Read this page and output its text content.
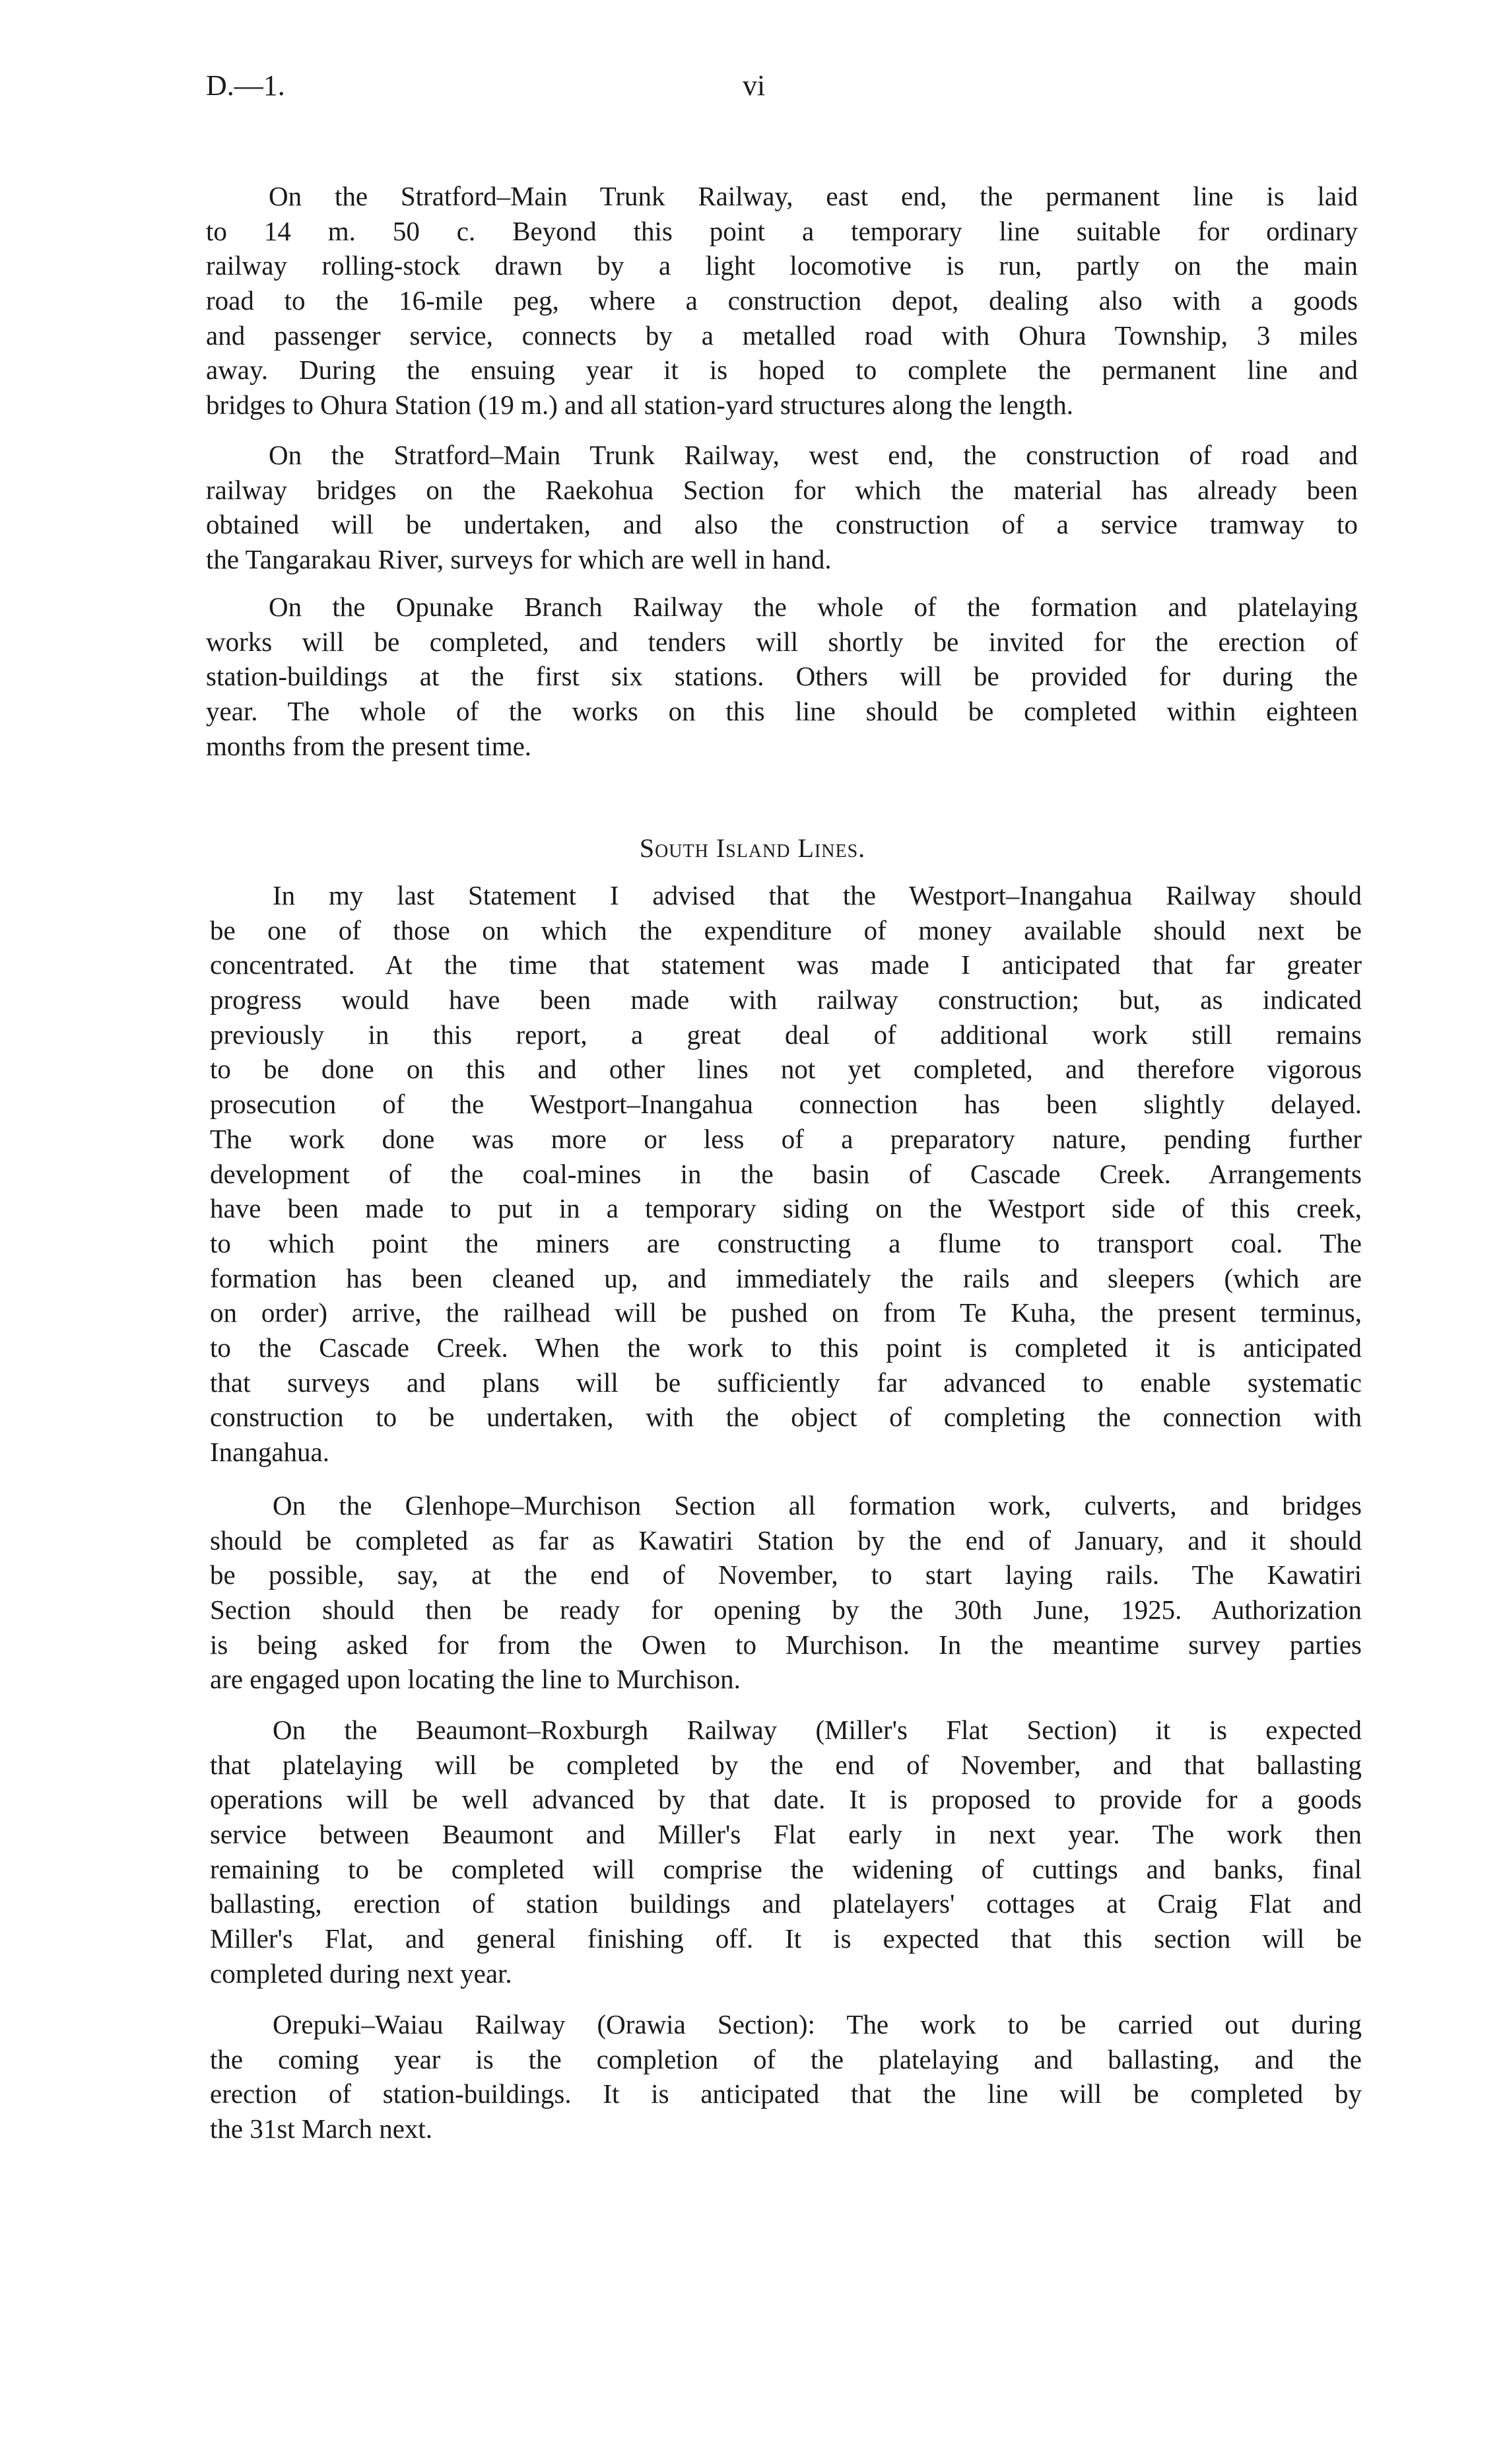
D.—1.	vi
On the Stratford–Main Trunk Railway, east end, the permanent line is laid
to 14 m. 50 c. Beyond this point a temporary line suitable for ordinary
railway rolling-stock drawn by a light locomotive is run, partly on the main
road to the 16-mile peg, where a construction depot, dealing also with a goods
and passenger service, connects by a metalled road with Ohura Township, 3 miles
away. During the ensuing year it is hoped to complete the permanent line and
bridges to Ohura Station (19 m.) and all station-yard structures along the length.
On the Stratford–Main Trunk Railway, west end, the construction of road and
railway bridges on the Raekohua Section for which the material has already been
obtained will be undertaken, and also the construction of a service tramway to
the Tangarakau River, surveys for which are well in hand.
On the Opunake Branch Railway the whole of the formation and platelaying
works will be completed, and tenders will shortly be invited for the erection of
station-buildings at the first six stations. Others will be provided for during the
year. The whole of the works on this line should be completed within eighteen
months from the present time.
South Island Lines.
In my last Statement I advised that the Westport–Inangahua Railway should
be one of those on which the expenditure of money available should next be
concentrated. At the time that statement was made I anticipated that far greater
progress would have been made with railway construction; but, as indicated
previously in this report, a great deal of additional work still remains
to be done on this and other lines not yet completed, and therefore vigorous
prosecution of the Westport–Inangahua connection has been slightly delayed.
The work done was more or less of a preparatory nature, pending further
development of the coal-mines in the basin of Cascade Creek. Arrangements
have been made to put in a temporary siding on the Westport side of this creek,
to which point the miners are constructing a flume to transport coal. The
formation has been cleaned up, and immediately the rails and sleepers (which are
on order) arrive, the railhead will be pushed on from Te Kuha, the present terminus,
to the Cascade Creek. When the work to this point is completed it is anticipated
that surveys and plans will be sufficiently far advanced to enable systematic
construction to be undertaken, with the object of completing the connection with
Inangahua.
On the Glenhope–Murchison Section all formation work, culverts, and bridges
should be completed as far as Kawatiri Station by the end of January, and it should
be possible, say, at the end of November, to start laying rails. The Kawatiri
Section should then be ready for opening by the 30th June, 1925. Authorization
is being asked for from the Owen to Murchison. In the meantime survey parties
are engaged upon locating the line to Murchison.
On the Beaumont–Roxburgh Railway (Miller's Flat Section) it is expected
that platelaying will be completed by the end of November, and that ballasting
operations will be well advanced by that date. It is proposed to provide for a goods
service between Beaumont and Miller's Flat early in next year. The work then
remaining to be completed will comprise the widening of cuttings and banks, final
ballasting, erection of station buildings and platelayers' cottages at Craig Flat and
Miller's Flat, and general finishing off. It is expected that this section will be
completed during next year.
Orepuki–Waiau Railway (Orawia Section): The work to be carried out during
the coming year is the completion of the platelaying and ballasting, and the
erection of station-buildings. It is anticipated that the line will be completed by
the 31st March next.
